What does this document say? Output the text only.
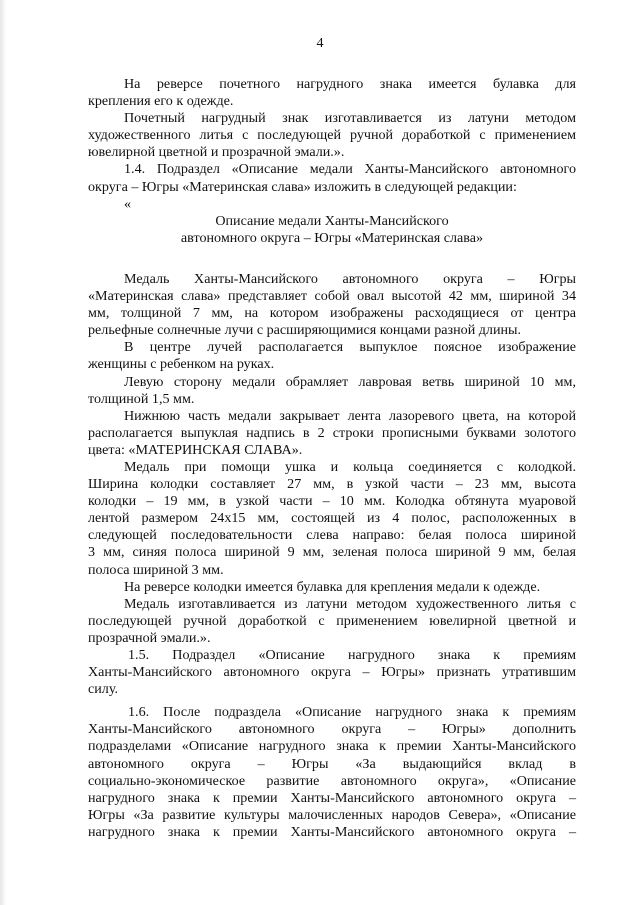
4
На реверсе почетного нагрудного знака имеется булавка для
крепления его к одежде.
Почетный нагрудный знак изготавливается из латуни методом
художественного литья с последующей ручной доработкой с применением
ювелирной цветной и прозрачной эмали.».
1.4. Подраздел «Описание медали Ханты-Мансийского автономного
округа – Югры «Материнская слава» изложить в следующей редакции:
«
Описание медали Ханты-Мансийского
автономного округа – Югры «Материнская слава»
Медаль Ханты-Мансийского автономного округа – Югры
«Материнская слава» представляет собой овал высотой 42 мм, шириной 34
мм, толщиной 7 мм, на котором изображены расходящиеся от центра
рельефные солнечные лучи с расширяющимися концами разной длины.
В центре лучей располагается выпуклое поясное изображение
женщины с ребенком на руках.
Левую сторону медали обрамляет лавровая ветвь шириной 10 мм,
толщиной 1,5 мм.
Нижнюю часть медали закрывает лента лазоревого цвета, на которой
располагается выпуклая надпись в 2 строки прописными буквами золотого
цвета: «МАТЕРИНСКАЯ СЛАВА».
Медаль при помощи ушка и кольца соединяется с колодкой.
Ширина колодки составляет 27 мм, в узкой части – 23 мм, высота
колодки – 19 мм, в узкой части – 10 мм. Колодка обтянута муаровой
лентой размером 24х15 мм, состоящей из 4 полос, расположенных в
следующей последовательности слева направо: белая полоса шириной
3 мм, синяя полоса шириной 9 мм, зеленая полоса шириной 9 мм, белая
полоса шириной 3 мм.
На реверсе колодки имеется булавка для крепления медали к одежде.
Медаль изготавливается из латуни методом художественного литья с
последующей ручной доработкой с применением ювелирной цветной и
прозрачной эмали.».
1.5. Подраздел «Описание нагрудного знака к премиям
Ханты-Мансийского автономного округа – Югры» признать утратившим
силу.
1.6. После подраздела «Описание нагрудного знака к премиям
Ханты-Мансийского автономного округа – Югры» дополнить
подразделами «Описание нагрудного знака к премии Ханты-Мансийского
автономного округа – Югры «За выдающийся вклад в
социально-экономическое развитие автономного округа», «Описание
нагрудного знака к премии Ханты-Мансийского автономного округа –
Югры «За развитие культуры малочисленных народов Севера», «Описание
нагрудного знака к премии Ханты-Мансийского автономного округа –
